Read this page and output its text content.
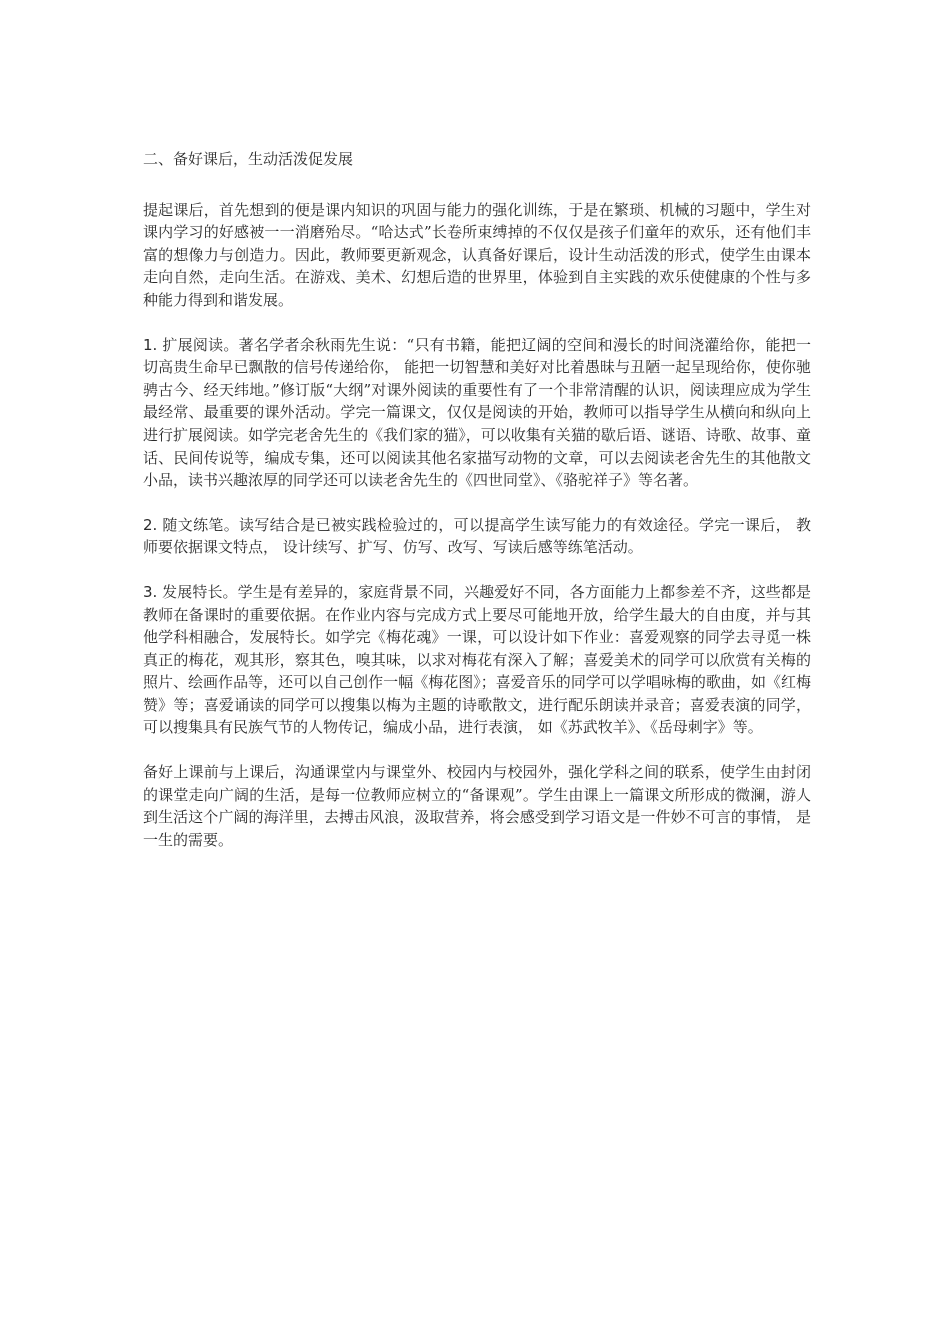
二、备好课后，生动活泼促发展

提起课后，首先想到的便是课内知识的巩固与能力的强化训练，于是在繁琐、机械的习题中，学生对课内学习的好感被一一消磨殆尽。“哈达式”长卷所束缚掉的不仅仅是孩子们童年的欢乐，还有他们丰富的想像力与创造力。因此，教师要更新观念，认真备好课后，设计生动活泼的形式，使学生由课本走向自然，走向生活。在游戏、美术、幻想后造的世界里，体验到自主实践的欢乐使健康的个性与多种能力得到和谐发展。

1. 扩展阅读。著名学者余秋雨先生说：“只有书籍，能把辽阔的空间和漫长的时间浇灌给你，能把一切高贵生命早已飘散的信号传递给你， 能把一切智慧和美好对比着愚昧与丑陋一起呈现给你，使你驰骋古今、经天纬地。”修订版“大纲”对课外阅读的重要性有了一个非常清醒的认识，阅读理应成为学生最经常、最重要的课外活动。学完一篇课文，仅仅是阅读的开始，教师可以指导学生从横向和纵向上进行扩展阅读。如学完老舍先生的《我们家的猫》，可以收集有关猫的歇后语、谜语、诗歌、故事、童话、民间传说等，编成专集，还可以阅读其他名家描写动物的文章，可以去阅读老舍先生的其他散文小品，读书兴趣浓厚的同学还可以读老舍先生的《四世同堂》、《骆驼祥子》等名著。

2. 随文练笔。读写结合是已被实践检验过的，可以提高学生读写能力的有效途径。学完一课后， 教师要依据课文特点， 设计续写、扩写、仿写、改写、写读后感等练笔活动。

3. 发展特长。学生是有差异的，家庭背景不同，兴趣爱好不同，各方面能力上都参差不齐，这些都是教师在备课时的重要依据。在作业内容与完成方式上要尽可能地开放，给学生最大的自由度，并与其他学科相融合，发展特长。如学完《梅花魂》一课，可以设计如下作业：喜爱观察的同学去寻觅一株真正的梅花，观其形，察其色，嗅其味，以求对梅花有深入了解；喜爱美术的同学可以欣赏有关梅的照片、绘画作品等，还可以自己创作一幅《梅花图》；喜爱音乐的同学可以学唱咏梅的歌曲，如《红梅赞》等；喜爱诵读的同学可以搜集以梅为主题的诗歌散文，进行配乐朗读并录音；喜爱表演的同学，可以搜集具有民族气节的人物传记，编成小品，进行表演， 如《苏武牧羊》、《岳母刺字》等。

备好上课前与上课后，沟通课堂内与课堂外、校园内与校园外，强化学科之间的联系，使学生由封闭的课堂走向广阔的生活，是每一位教师应树立的“备课观”。学生由课上一篇课文所形成的微澜，游人到生活这个广阔的海洋里，去搏击风浪，汲取营养，将会感受到学习语文是一件妙不可言的事情， 是一生的需要。
